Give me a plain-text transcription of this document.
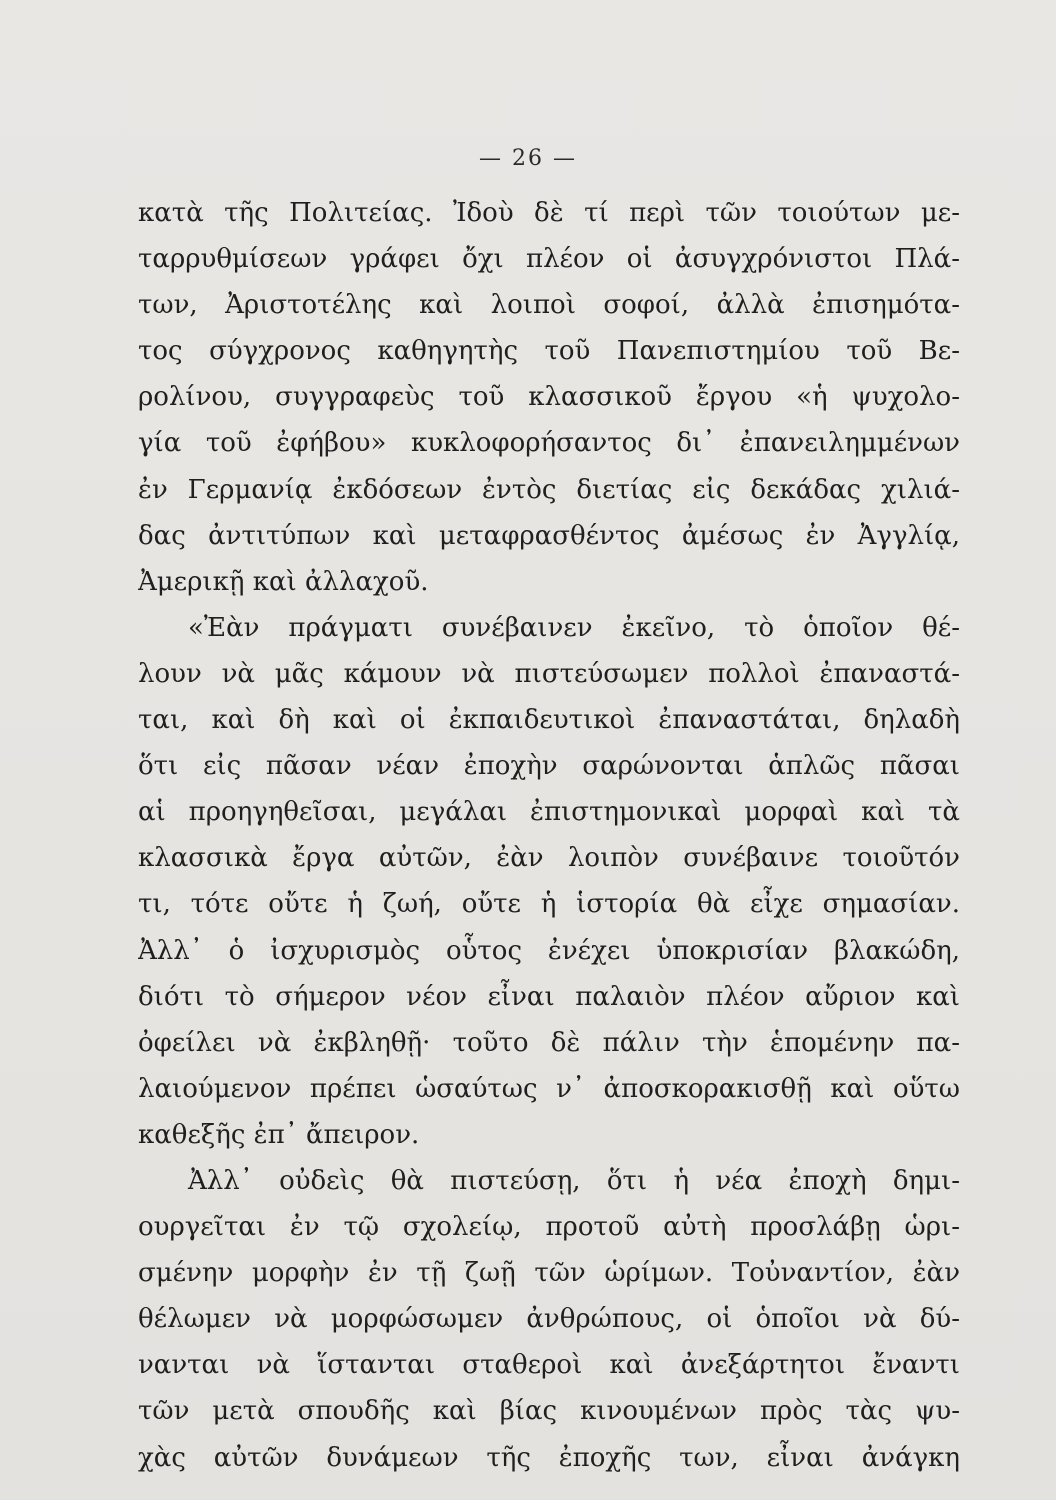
— 26 —
κατὰ τῆς Πολιτείας. Ἰδοὺ δὲ τί περὶ τῶν τοιούτων με-
ταρρυθμίσεων γράφει ὄχι πλέον οἱ ἀσυγχρόνιστοι Πλά-
των, Ἀριστοτέλης καὶ λοιποὶ σοφοί, ἀλλὰ ἐπισημότα-
τος σύγχρονος καθηγητὴς τοῦ Πανεπιστημίου τοῦ Βε-
ρολίνου, συγγραφεὺς τοῦ κλασσικοῦ ἔργου «ἡ ψυχολο-
γία τοῦ ἐφήβου» κυκλοφορήσαντος δι᾽ ἐπανειλημμένων
ἐν Γερμανίᾳ ἐκδόσεων ἐντὸς διετίας εἰς δεκάδας χιλιά-
δας ἀντιτύπων καὶ μεταφρασθέντος ἀμέσως ἐν Ἀγγλίᾳ,
Ἀμερικῇ καὶ ἀλλαχοῦ.
«Ἐὰν πράγματι συνέβαινεν ἐκεῖνο, τὸ ὁποῖον θέ-
λουν νὰ μᾶς κάμουν νὰ πιστεύσωμεν πολλοὶ ἐπαναστά-
ται, καὶ δὴ καὶ οἱ ἐκπαιδευτικοὶ ἐπαναστάται, δηλαδὴ
ὅτι εἰς πᾶσαν νέαν ἐποχὴν σαρώνονται ἁπλῶς πᾶσαι
αἱ προηγηθεῖσαι, μεγάλαι ἐπιστημονικαὶ μορφαὶ καὶ τὰ
κλασσικὰ ἔργα αὐτῶν, ἐὰν λοιπὸν συνέβαινε τοιοῦτόν
τι, τότε οὔτε ἡ ζωή, οὔτε ἡ ἱστορία θὰ εἶχε σημασίαν.
Ἀλλ᾽ ὁ ἰσχυρισμὸς οὗτος ἐνέχει ὑποκρισίαν βλακώδη,
διότι τὸ σήμερον νέον εἶναι παλαιὸν πλέον αὔριον καὶ
ὀφείλει νὰ ἐκβληθῇ· τοῦτο δὲ πάλιν τὴν ἑπομένην πα-
λαιούμενον πρέπει ὡσαύτως ν᾽ ἀποσκορακισθῇ καὶ οὕτω
καθεξῆς ἐπ᾽ ἄπειρον.
Ἀλλ᾽ οὐδεὶς θὰ πιστεύσῃ, ὅτι ἡ νέα ἐποχὴ δημι-
ουργεῖται ἐν τῷ σχολείῳ, προτοῦ αὐτὴ προσλάβῃ ὡρι-
σμένην μορφὴν ἐν τῇ ζωῇ τῶν ὡρίμων. Τοὐναντίον, ἐὰν
θέλωμεν νὰ μορφώσωμεν ἀνθρώπους, οἱ ὁποῖοι νὰ δύ-
νανται νὰ ἵστανται σταθεροὶ καὶ ἀνεξάρτητοι ἔναντι
τῶν μετὰ σπουδῆς καὶ βίας κινουμένων πρὸς τὰς ψυ-
χὰς αὐτῶν δυνάμεων τῆς ἐποχῆς των, εἶναι ἀνάγκη
